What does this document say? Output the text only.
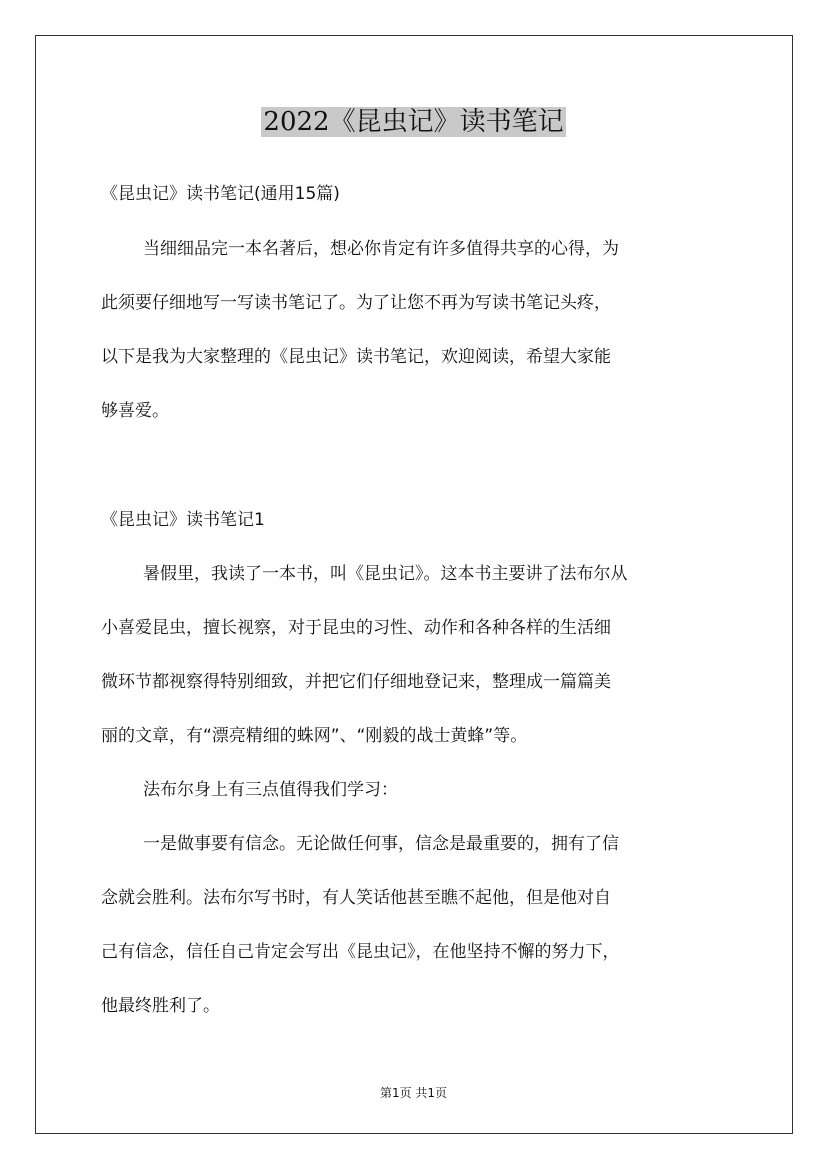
2022《昆虫记》读书笔记
《昆虫记》读书笔记(通用15篇)
当细细品完一本名著后，想必你肯定有许多值得共享的心得，为
此须要仔细地写一写读书笔记了。为了让您不再为写读书笔记头疼，
以下是我为大家整理的《昆虫记》读书笔记，欢迎阅读，希望大家能
够喜爱。
《昆虫记》读书笔记1
暑假里，我读了一本书，叫《昆虫记》。这本书主要讲了法布尔从
小喜爱昆虫，擅长视察，对于昆虫的习性、动作和各种各样的生活细
微环节都视察得特别细致，并把它们仔细地登记来，整理成一篇篇美
丽的文章，有“漂亮精细的蛛网”、“刚毅的战士黄蜂”等。
法布尔身上有三点值得我们学习：
一是做事要有信念。无论做任何事，信念是最重要的，拥有了信
念就会胜利。法布尔写书时，有人笑话他甚至瞧不起他，但是他对自
己有信念，信任自己肯定会写出《昆虫记》，在他坚持不懈的努力下，
他最终胜利了。
第1页 共1页
